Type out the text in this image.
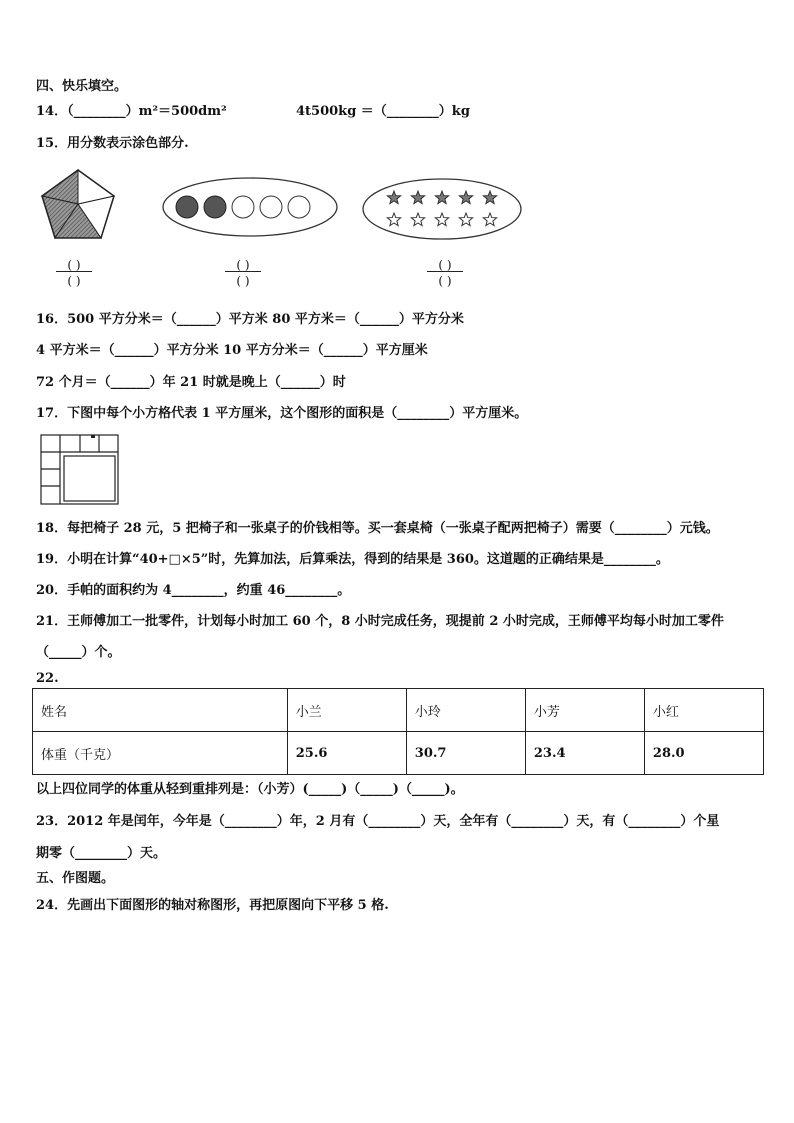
四、快乐填空。
14．（________）m²＝500dm²	4t500kg ＝（________）kg
15．用分数表示涂色部分.
( )
( )
( )
( )
( )
( )
16．500 平方分米＝（______）平方米 80 平方米＝（______）平方分米
4 平方米＝（______）平方分米 10 平方分米＝（______）平方厘米
72 个月＝（______）年 21 时就是晚上（______）时
17．下图中每个小方格代表 1 平方厘米，这个图形的面积是（________）平方厘米。
18．每把椅子 28 元，5 把椅子和一张桌子的价钱相等。买一套桌椅（一张桌子配两把椅子）需要（________）元钱。
19．小明在计算“40+□×5”时，先算加法，后算乘法，得到的结果是 360。这道题的正确结果是________。
20．手帕的面积约为 4________，约重 46________。
21．王师傅加工一批零件，计划每小时加工 60 个，8 小时完成任务，现提前 2 小时完成，王师傅平均每小时加工零件
（_____）个。
22.
姓名	小兰	小玲	小芳	小红
体重（千克）	25.6	30.7	23.4	28.0
以上四位同学的体重从轻到重排列是：（小芳）(_____)（_____)（_____)。
23．2012 年是闰年，今年是（________）年，2 月有（________）天，全年有（________）天，有（________）个星
期零（________）天。
五、作图题。
24．先画出下面图形的轴对称图形，再把原图向下平移 5 格.
